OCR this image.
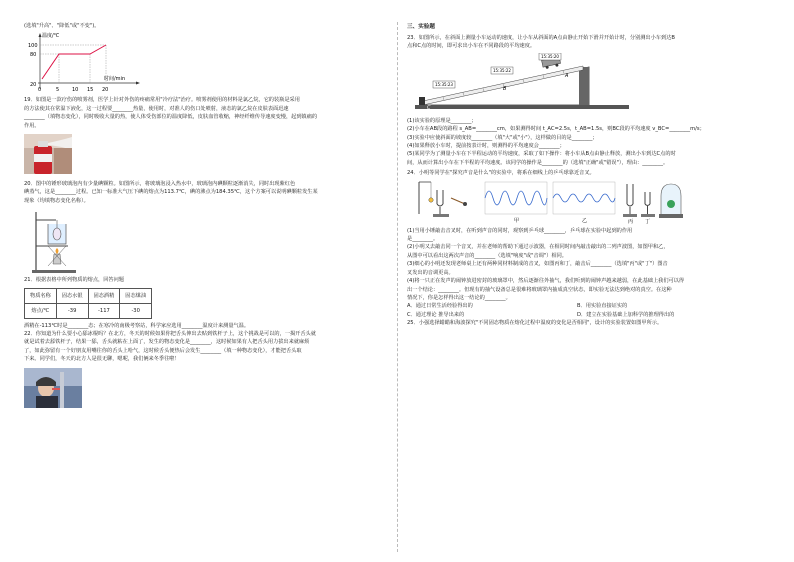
(选填"升高"、"降低"或"不变")。

温度/℃
时间/min
100
80
20
0	5	10 15 20

19．如图是一款疗伤的喷雾剂，医学上针对外伤的疼痛常用"冷疗法"治疗。喷雾剂使用的材料是氯乙烷，它的装瓶是采用

的方法使其在常温下液化，这一过程要________热量，使用时，对准人的伤口处喷射，液态的氯乙烷在皮肤表面迅速

________（填物态变化），同时吸收大量的热，使人体受伤部位的温度降低，皮肤血管收缩，神经纤维传导速度变慢，起到镇痛的

作用。

20．图中的锤形玻璃泡内有少量碘颗粒。如图所示，将玻璃泡浸入热水中，玻璃泡内碘颗粒逐渐消失，同时出现紫红色

碘蒸气，这是________过程。已知一标准大气压下碘的熔点为113.7℃，碘的沸点为184.35℃，这个方案可以说明碘颗粒发生某

现象（均填物态变化名称）。

21．根据表格中所列物质的熔点，回答问题

物质名称	固态水银	固态酒精	固态煤油
熔点/℃	-39	-117	-30

酒精在-113℃时是________态；在寒冷的南极考察站，科学家应选用________温度计来测量气温。

22．你知道为什么要小心舔冰棍吗？在北方，冬天的时候如果你把舌头伸出去贴到铁杆子上，这个挑战是可以的，一揭开舌头就

就是试着去舔铁杆子，结果一舔，舌头就粘在上面了，发生的物态变化是________，这时候如果有人把舌头用力拔出来就麻烦

了，如此弥留有一个好朋友用嘴往你的舌头上哈气，这时候舌头便热后会发生________（填一种物态变化），才能把舌头取

下来。同学们，冬天的北方人是很无聊，嗯呢，我们俩来冬季往啦！

三、实验题

23．如图所示，在斜面上测量小车运动的速度，让小车从斜面的A点由静止开始下滑并开始计时，分别测出小车到达B

点和C点的时间，即可求出小车在不同路段的平均速度。

15:35:20
15:35:22
15:35:23
A
B
C

(1)该实验的原理是________；

(2)小车在AB段的路程 s_AB=________cm，如果测得时间 t_AC=2.5s，t_AB=1.5s，则BC段的平均速度 v_BC=________m/s；

(3)实验中应使斜面的坡度较________（填"大"或"小"），这样做的目的是________；

(4)如果释放小车时，提前按表计时，则测得的平均速度会________；

(5)某同学为了测量小车在下半程运动的平均速度，采取了如下操作：将小车从B点由静止释放，测出小车到达C点的时

间，从而计算出小车在下半程的平均速度。该同学的操作是________的（选填"正确"或"错误"），理由：________。

24．小明等同学在"探究声音是什么"的实验中，将系在细线上的乒乓球靠近音叉。

甲	乙	丙 丁

(1)当用小锤敲击音叉时，在听到声音的同时，观察到乒乓球________，乒乓球在实验中起到的作用

是________。

(2)小明又去敲击同一个音叉，并在老师的帮助下通过示波器，在相同时间内敲击敲出的二列声波图，如图甲和乙，

从图中可以看出这两次声音的________（选填"响度"或"音调"）相同。

(3)细心的小明还发现老师桌上还有两种同材料制成的音叉，如图丙和丁，敲击后________（选填"丙"或"丁"）图音

叉发出的音调更高。

(4)将一只正在发声的闹钟放进密封的玻璃罩中，然后逐渐往外抽气，我们听到的闹钟声越来越弱，在此基础上我们可以得

出一个结论：________。但现有的抽气设备总是很难将玻璃罩内抽成真空状态，即实验无法达到绝对的真空。在这种

情况下，你是怎样得出这一结论的________。

A．通过日常生活经验得出的	B．用实验直接证实的

C．通过理论 推导出来的	D．建立在实验基础上加科学的推理得出的

25．小强选择蜡蜡和海波探究"不同固态物质在熔化过程中温度的变化是否相同"，设计的实验装置如图甲所示。
